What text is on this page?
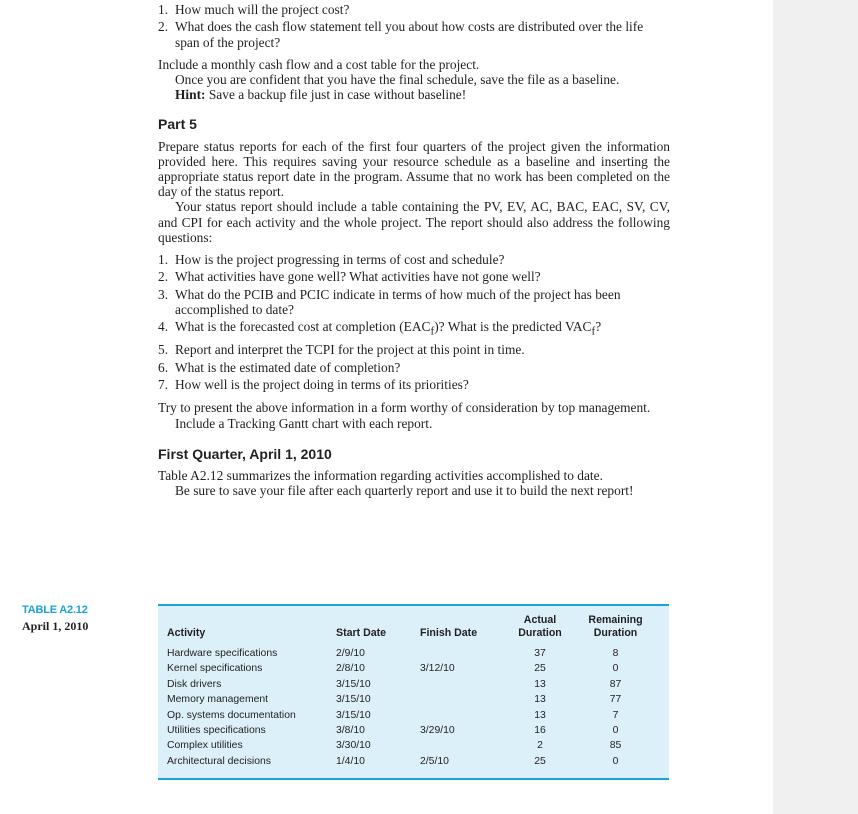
1. How much will the project cost?
2. What does the cash flow statement tell you about how costs are distributed over the life span of the project?

Include a monthly cash flow and a cost table for the project.

Once you are confident that you have the final schedule, save the file as a baseline.

Hint: Save a backup file just in case without baseline!

Part 5

Prepare status reports for each of the first four quarters of the project given the information provided here. This requires saving your resource schedule as a baseline and inserting the appropriate status report date in the program. Assume that no work has been completed on the day of the status report.

Your status report should include a table containing the PV, EV, AC, BAC, EAC, SV, CV, and CPI for each activity and the whole project. The report should also address the following questions:

1. How is the project progressing in terms of cost and schedule?
2. What activities have gone well? What activities have not gone well?
3. What do the PCIB and PCIC indicate in terms of how much of the project has been accomplished to date?
4. What is the forecasted cost at completion $(EAC_f)$? What is the predicted $VAC_f$?
5. Report and interpret the TCPI for the project at this point in time.
6. What is the estimated date of completion?
7. How well is the project doing in terms of its priorities?

Try to present the above information in a form worthy of consideration by top management.

Include a Tracking Gantt chart with each report.

First Quarter, April 1, 2010

Table A2.12 summarizes the information regarding activities accomplished to date.

Be sure to save your file after each quarterly report and use it to build the next report!

TABLE A2.12
April 1, 2010	Activity	Start Date	Finish Date	Actual Duration	Remaining Duration
Hardware specifications	2/9/10		37	8
Kernel specifications	2/8/10	3/12/10	25	0
Disk drivers	3/15/10		13	87
Memory management	3/15/10		13	77
Op. systems documentation	3/15/10		13	7
Utilities specifications	3/8/10	3/29/10	16	0
Complex utilities	3/30/10		2	85
Architectural decisions	1/4/10	2/5/10	25	0
